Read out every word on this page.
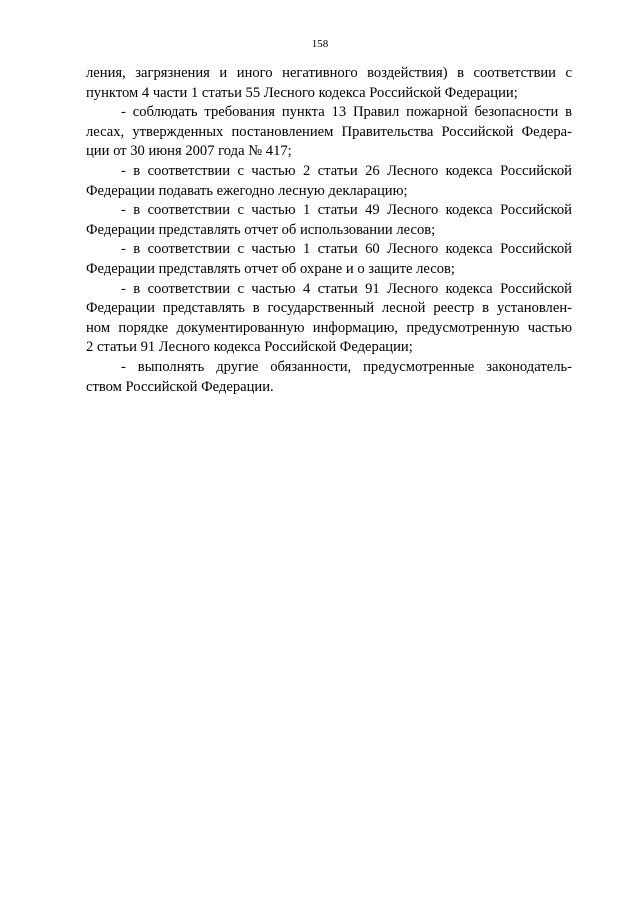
158
ления, загрязнения и иного негативного воздействия) в соответствии с
пунктом 4 части 1 статьи 55 Лесного кодекса Российской Федерации;
- соблюдать требования пункта 13 Правил пожарной безопасности в
лесах, утвержденных постановлением Правительства Российской Федера-
ции от 30 июня 2007 года № 417;
- в соответствии с частью 2 статьи 26 Лесного кодекса Российской
Федерации подавать ежегодно лесную декларацию;
- в соответствии с частью 1 статьи 49 Лесного кодекса Российской
Федерации представлять отчет об использовании лесов;
- в соответствии с частью 1 статьи 60 Лесного кодекса Российской
Федерации представлять отчет об охране и о защите лесов;
- в соответствии с частью 4 статьи 91 Лесного кодекса Российской
Федерации представлять в государственный лесной реестр в установлен-
ном порядке документированную информацию, предусмотренную частью
2 статьи 91 Лесного кодекса Российской Федерации;
- выполнять другие обязанности, предусмотренные законодатель-
ством Российской Федерации.
